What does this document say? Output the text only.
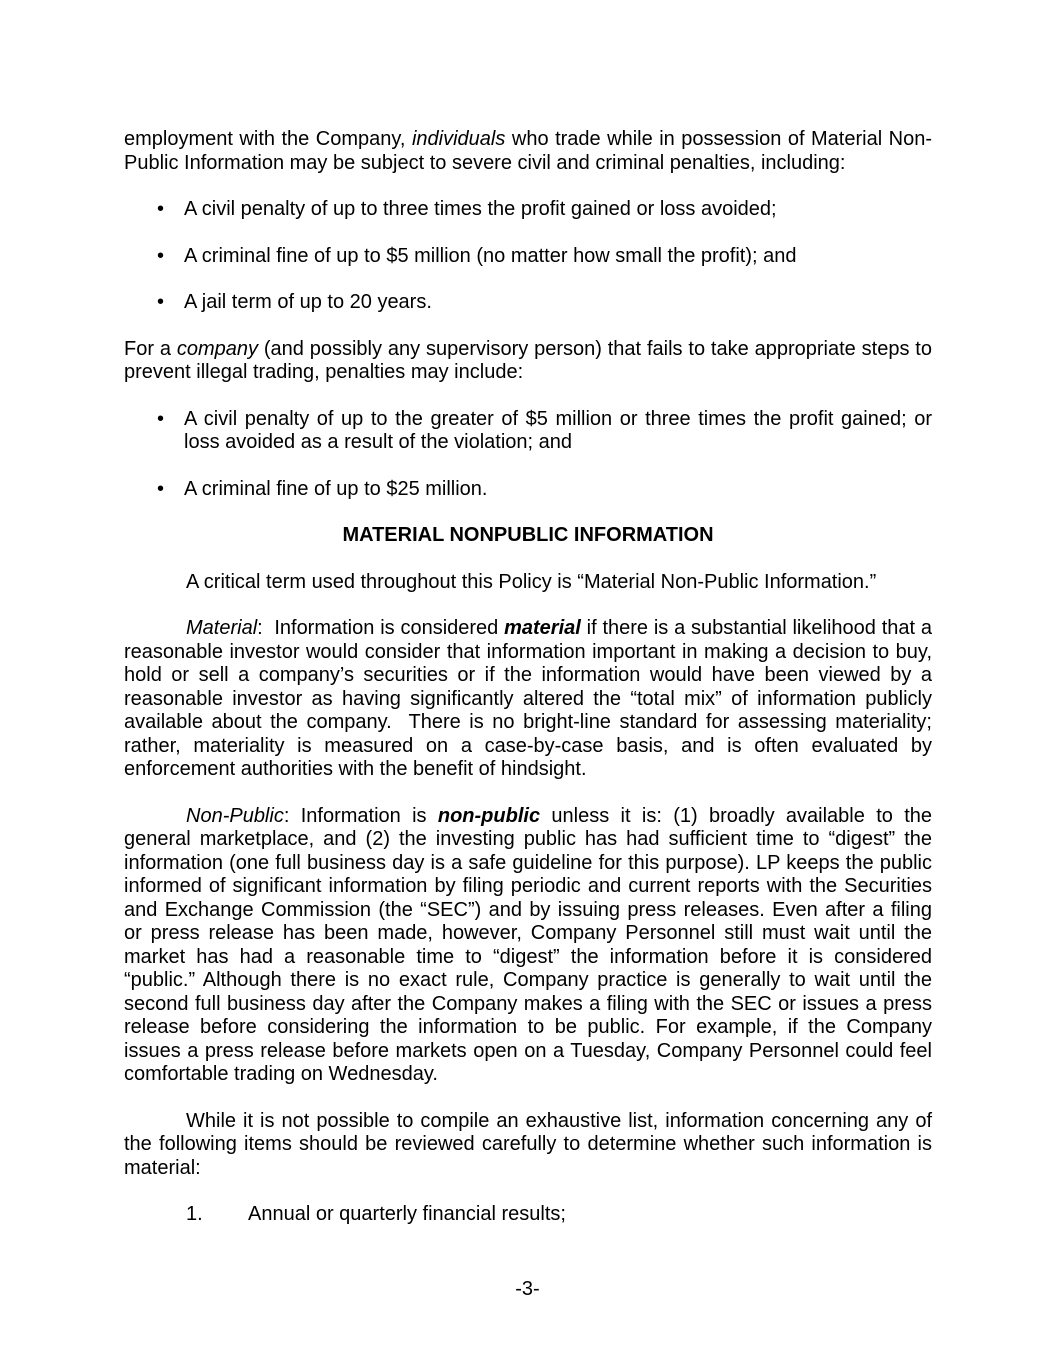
employment with the Company, individuals who trade while in possession of Material Non-Public Information may be subject to severe civil and criminal penalties, including:

• A civil penalty of up to three times the profit gained or loss avoided;
• A criminal fine of up to $5 million (no matter how small the profit); and
• A jail term of up to 20 years.

For a company (and possibly any supervisory person) that fails to take appropriate steps to prevent illegal trading, penalties may include:

• A civil penalty of up to the greater of $5 million or three times the profit gained; or loss avoided as a result of the violation; and
• A criminal fine of up to $25 million.
MATERIAL NONPUBLIC INFORMATION

A critical term used throughout this Policy is “Material Non-Public Information.”

Material:  Information is considered material if there is a substantial likelihood that a reasonable investor would consider that information important in making a decision to buy, hold or sell a company’s securities or if the information would have been viewed by a reasonable investor as having significantly altered the “total mix” of information publicly available about the company.  There is no bright-line standard for assessing materiality; rather, materiality is measured on a case-by-case basis, and is often evaluated by enforcement authorities with the benefit of hindsight.

Non-Public: Information is non-public unless it is: (1) broadly available to the general marketplace, and (2) the investing public has had sufficient time to “digest” the information (one full business day is a safe guideline for this purpose). LP keeps the public informed of significant information by filing periodic and current reports with the Securities and Exchange Commission (the “SEC”) and by issuing press releases. Even after a filing or press release has been made, however, Company Personnel still must wait until the market has had a reasonable time to “digest” the information before it is considered “public.” Although there is no exact rule, Company practice is generally to wait until the second full business day after the Company makes a filing with the SEC or issues a press release before considering the information to be public. For example, if the Company issues a press release before markets open on a Tuesday, Company Personnel could feel comfortable trading on Wednesday.

While it is not possible to compile an exhaustive list, information concerning any of the following items should be reviewed carefully to determine whether such information is material:

1. Annual or quarterly financial results;
-3-
